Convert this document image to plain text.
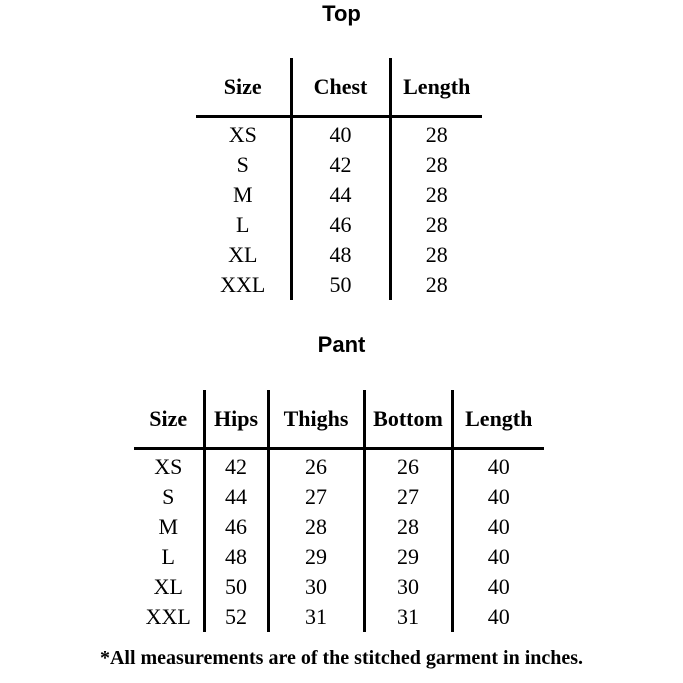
Top
Size	Chest	Length
XS	40	28
S	42	28
M	44	28
L	46	28
XL	48	28
XXL	50	28
Pant
Size	Hips	Thighs	Bottom	Length
XS	42	26	26	40
S	44	27	27	40
M	46	28	28	40
L	48	29	29	40
XL	50	30	30	40
XXL	52	31	31	40
*All measurements are of the stitched garment in inches.
